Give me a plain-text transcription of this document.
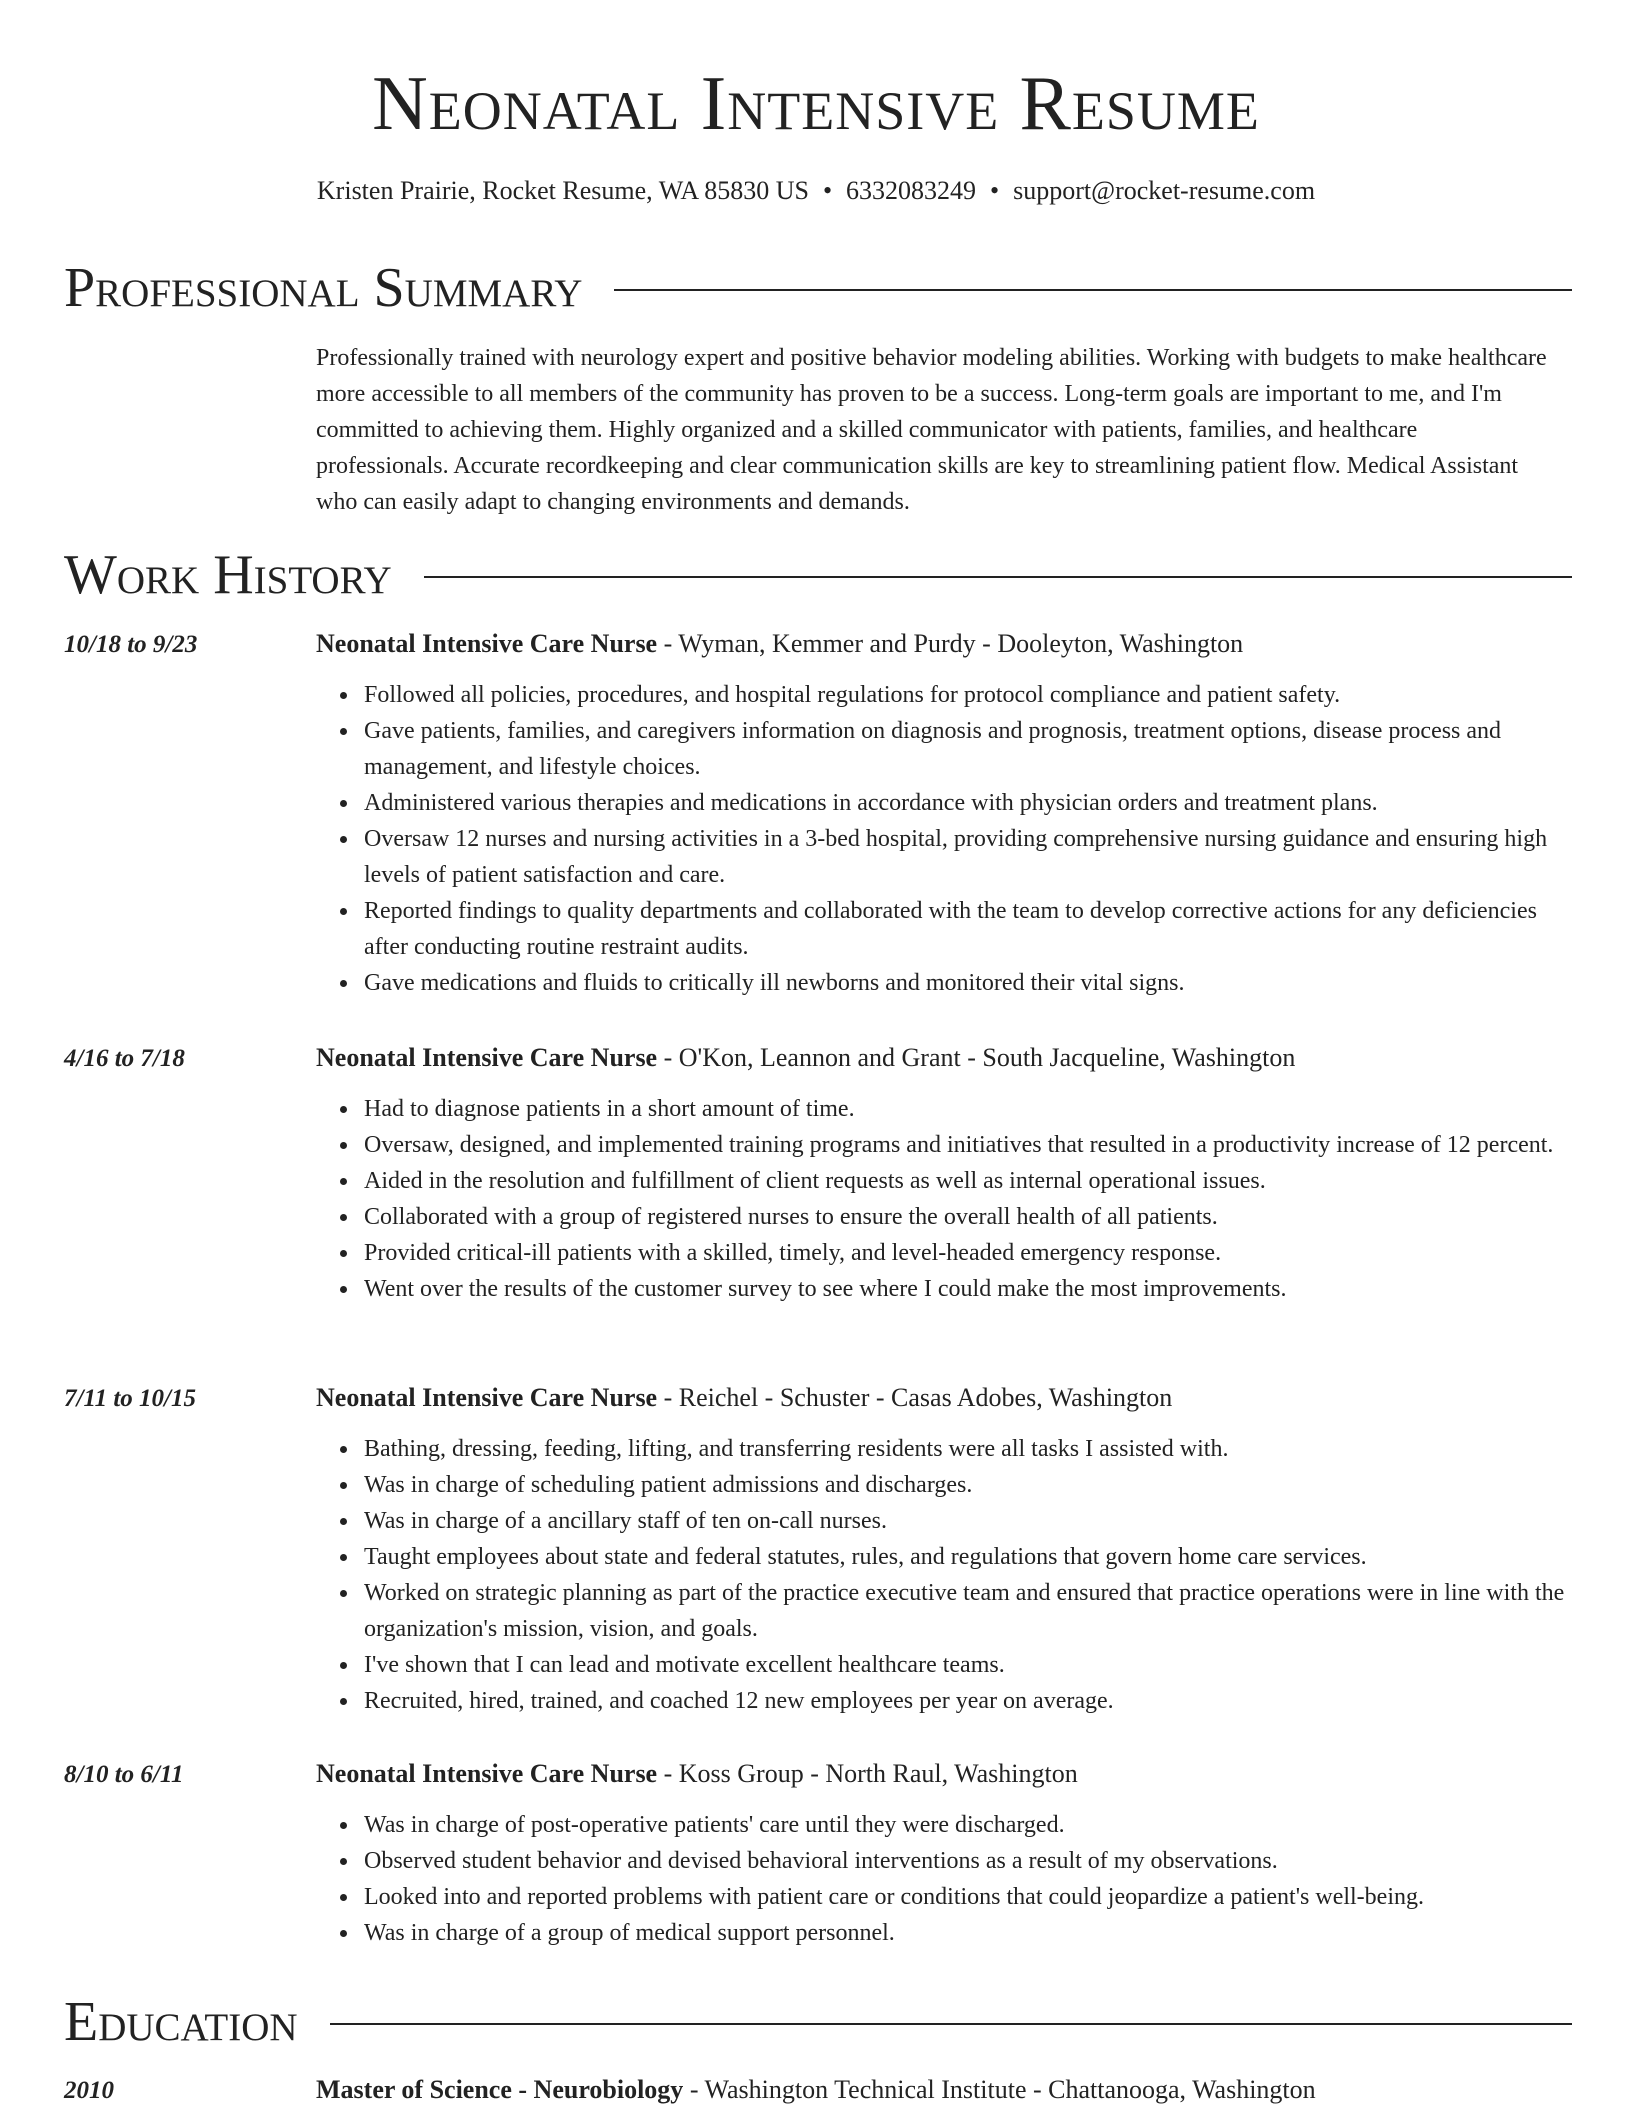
Neonatal Intensive Resume
Kristen Prairie, Rocket Resume, WA 85830 US • 6332083249 • support@rocket-resume.com
Professional Summary

Professionally trained with neurology expert and positive behavior modeling abilities. Working with budgets to make healthcare more accessible to all members of the community has proven to be a success. Long-term goals are important to me, and I'm committed to achieving them. Highly organized and a skilled communicator with patients, families, and healthcare professionals. Accurate recordkeeping and clear communication skills are key to streamlining patient flow. Medical Assistant who can easily adapt to changing environments and demands.

Work History
10/18 to 9/23	Neonatal Intensive Care Nurse - Wyman, Kemmer and Purdy - Dooleyton, Washington
• Followed all policies, procedures, and hospital regulations for protocol compliance and patient safety.
• Gave patients, families, and caregivers information on diagnosis and prognosis, treatment options, disease process and management, and lifestyle choices.
• Administered various therapies and medications in accordance with physician orders and treatment plans.
• Oversaw 12 nurses and nursing activities in a 3-bed hospital, providing comprehensive nursing guidance and ensuring high levels of patient satisfaction and care.
• Reported findings to quality departments and collaborated with the team to develop corrective actions for any deficiencies after conducting routine restraint audits.
• Gave medications and fluids to critically ill newborns and monitored their vital signs.
4/16 to 7/18	Neonatal Intensive Care Nurse - O'Kon, Leannon and Grant - South Jacqueline, Washington
• Had to diagnose patients in a short amount of time.
• Oversaw, designed, and implemented training programs and initiatives that resulted in a productivity increase of 12 percent.
• Aided in the resolution and fulfillment of client requests as well as internal operational issues.
• Collaborated with a group of registered nurses to ensure the overall health of all patients.
• Provided critical-ill patients with a skilled, timely, and level-headed emergency response.
• Went over the results of the customer survey to see where I could make the most improvements.
7/11 to 10/15	Neonatal Intensive Care Nurse - Reichel - Schuster - Casas Adobes, Washington
• Bathing, dressing, feeding, lifting, and transferring residents were all tasks I assisted with.
• Was in charge of scheduling patient admissions and discharges.
• Was in charge of a ancillary staff of ten on-call nurses.
• Taught employees about state and federal statutes, rules, and regulations that govern home care services.
• Worked on strategic planning as part of the practice executive team and ensured that practice operations were in line with the organization's mission, vision, and goals.
• I've shown that I can lead and motivate excellent healthcare teams.
• Recruited, hired, trained, and coached 12 new employees per year on average.
8/10 to 6/11	Neonatal Intensive Care Nurse - Koss Group - North Raul, Washington
• Was in charge of post-operative patients' care until they were discharged.
• Observed student behavior and devised behavioral interventions as a result of my observations.
• Looked into and reported problems with patient care or conditions that could jeopardize a patient's well-being.
• Was in charge of a group of medical support personnel.
Education
2010	Master of Science - Neurobiology - Washington Technical Institute - Chattanooga, Washington
